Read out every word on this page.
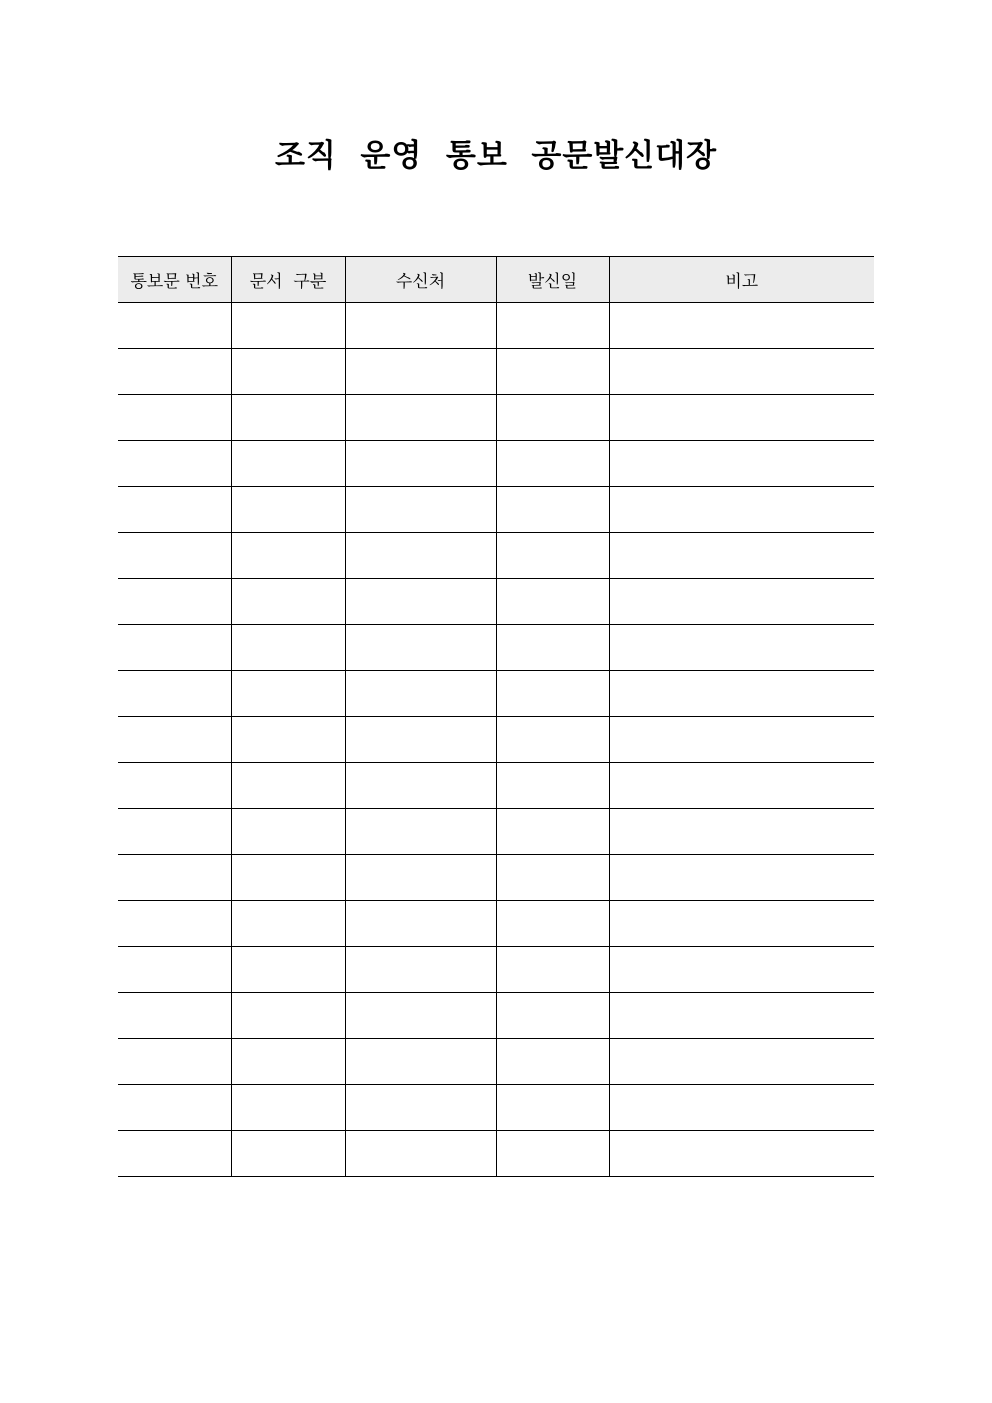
조직  운영  통보  공문발신대장
통보문 번호	문서  구분	수신처	발신일	비고
